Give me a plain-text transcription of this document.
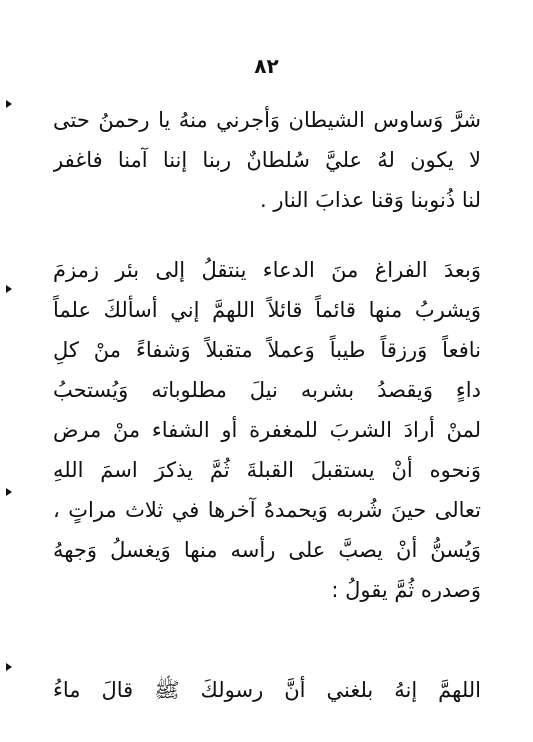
٨٢
شرَّ وَساوس الشيطان وَأجرني منهُ يا رحمنُ حتى
لا يكون لهُ عليَّ سُلطانٌ ربنا إننا آمنا فاغفر
لنا ذُنوبنا وَقنا عذابَ النار .
وَبعدَ الفراغ منَ الدعاء ينتقلُ إلى بئر زمزمَ
وَيشربُ منها قائماً قائلاً اللهمَّ إني أسألكَ علماً
نافعاً وَرزقاً طيباً وَعملاً متقبلاً وَشفاءً منْ كلِ
داءٍ وَيقصدُ بشربه نيلَ مطلوباته وَيُستحبُ
لمنْ أرادَ الشربَ للمغفرة أو الشفاء منْ مرض
وَنحوه أنْ يستقبلَ القبلةَ ثُمَّ يذكرَ اسمَ اللهِ
تعالى حينَ شُربه وَيحمدهُ آخرها في ثلاث مراتٍ ،
وَيُسنُّ أنْ يصبَّ على رأسه منها وَيغسلُ وَجههُ
وَصدره ثُمَّ يقولُ :
اللهمَّ إنهُ بلغني أنَّ رسولكَ ﷺ قالَ ماءُ
